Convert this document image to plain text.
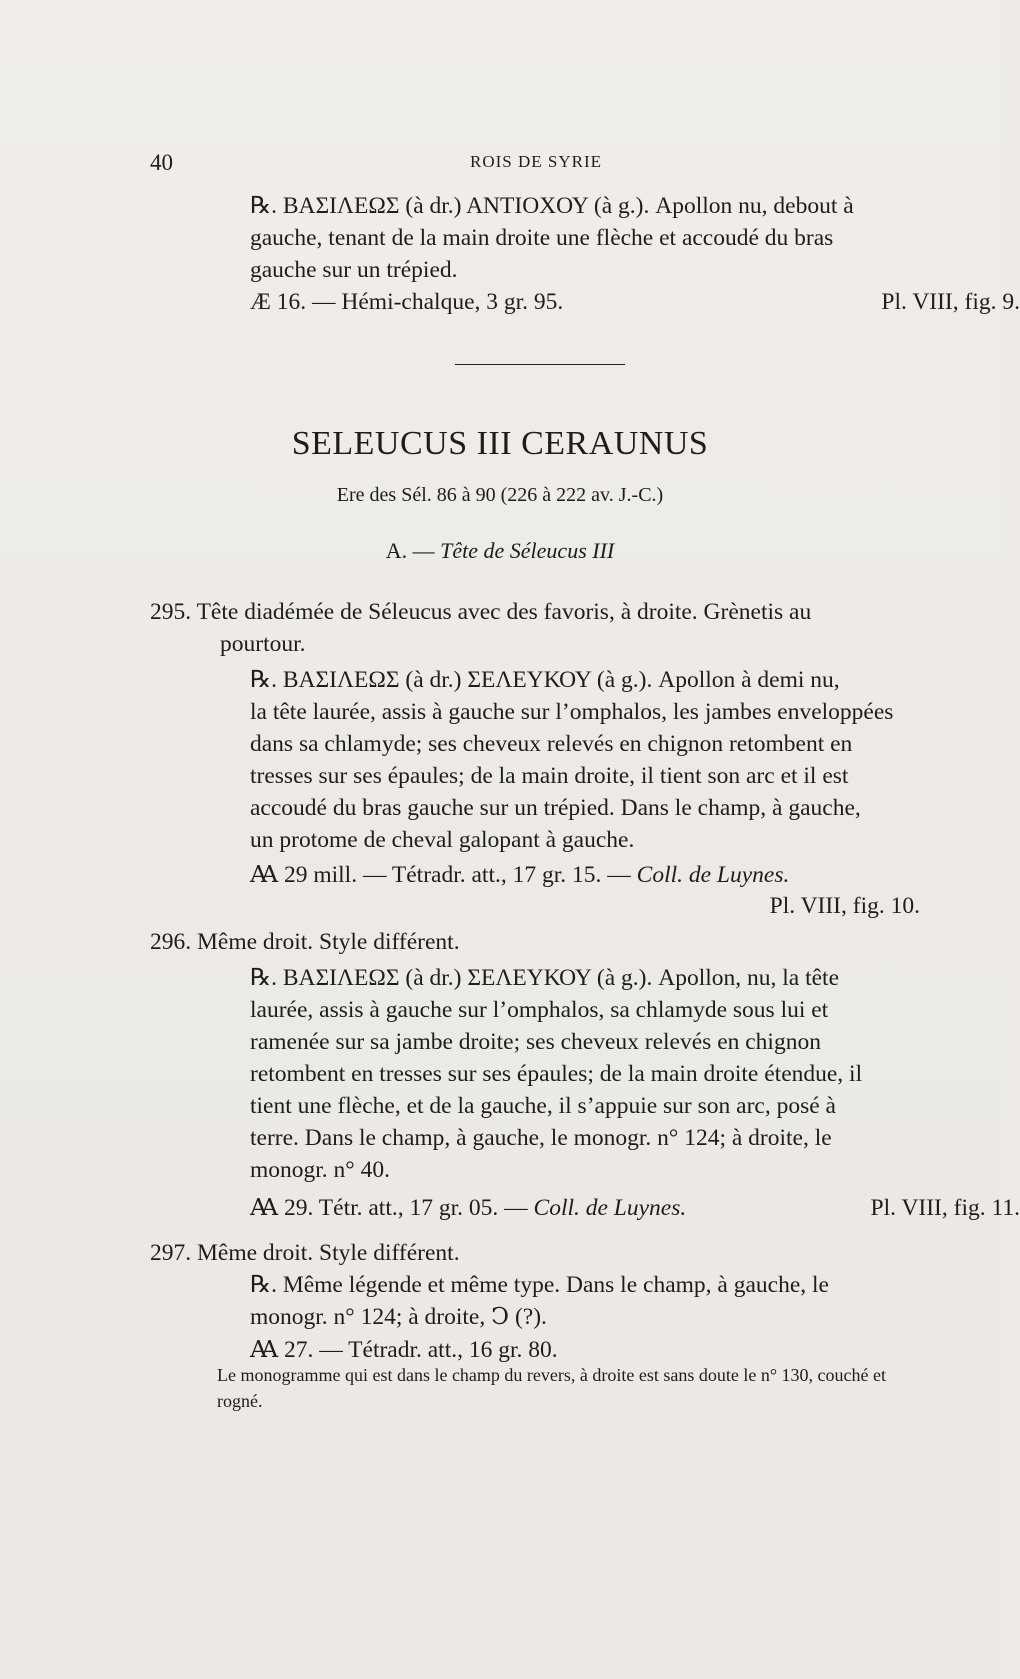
40	ROIS DE SYRIE
℞. ΒΑΣΙΛΕΩΣ (à dr.) ΑΝΤΙΟΧΟΥ (à g.). Apollon nu, debout à
gauche, tenant de la main droite une flèche et accoudé du bras
gauche sur un trépied.
Æ 16. — Hémi-chalque, 3 gr. 95.	Pl. VIII, fig. 9.
SELEUCUS III CERAUNUS
Ere des Sél. 86 à 90 (226 à 222 av. J.-C.)
A. — Tête de Séleucus III
295. Tête diadémée de Séleucus avec des favoris, à droite. Grènetis au
pourtour.
℞. ΒΑΣΙΛΕΩΣ (à dr.) ΣΕΛΕΥΚΟΥ (à g.). Apollon à demi nu,
la tête laurée, assis à gauche sur l’omphalos, les jambes enveloppées
dans sa chlamyde; ses cheveux relevés en chignon retombent en
tresses sur ses épaules; de la main droite, il tient son arc et il est
accoudé du bras gauche sur un trépied. Dans le champ, à gauche,
un protome de cheval galopant à gauche.
Ꜳ 29 mill. — Tétradr. att., 17 gr. 15. — Coll. de Luynes.
Pl. VIII, fig. 10.
296. Même droit. Style différent.
℞. ΒΑΣΙΛΕΩΣ (à dr.) ΣΕΛΕΥΚΟΥ (à g.). Apollon, nu, la tête
laurée, assis à gauche sur l’omphalos, sa chlamyde sous lui et
ramenée sur sa jambe droite; ses cheveux relevés en chignon
retombent en tresses sur ses épaules; de la main droite étendue, il
tient une flèche, et de la gauche, il s’appuie sur son arc, posé à
terre. Dans le champ, à gauche, le monogr. n° 124; à droite, le
monogr. n° 40.
Ꜳ 29. Tétr. att., 17 gr. 05. — Coll. de Luynes.	Pl. VIII, fig. 11.
297. Même droit. Style différent.
℞. Même légende et même type. Dans le champ, à gauche, le
monogr. n° 124; à droite, Ↄ (?).
Ꜳ 27. — Tétradr. att., 16 gr. 80.
Le monogramme qui est dans le champ du revers, à droite est sans doute le n° 130, couché et rogné.
